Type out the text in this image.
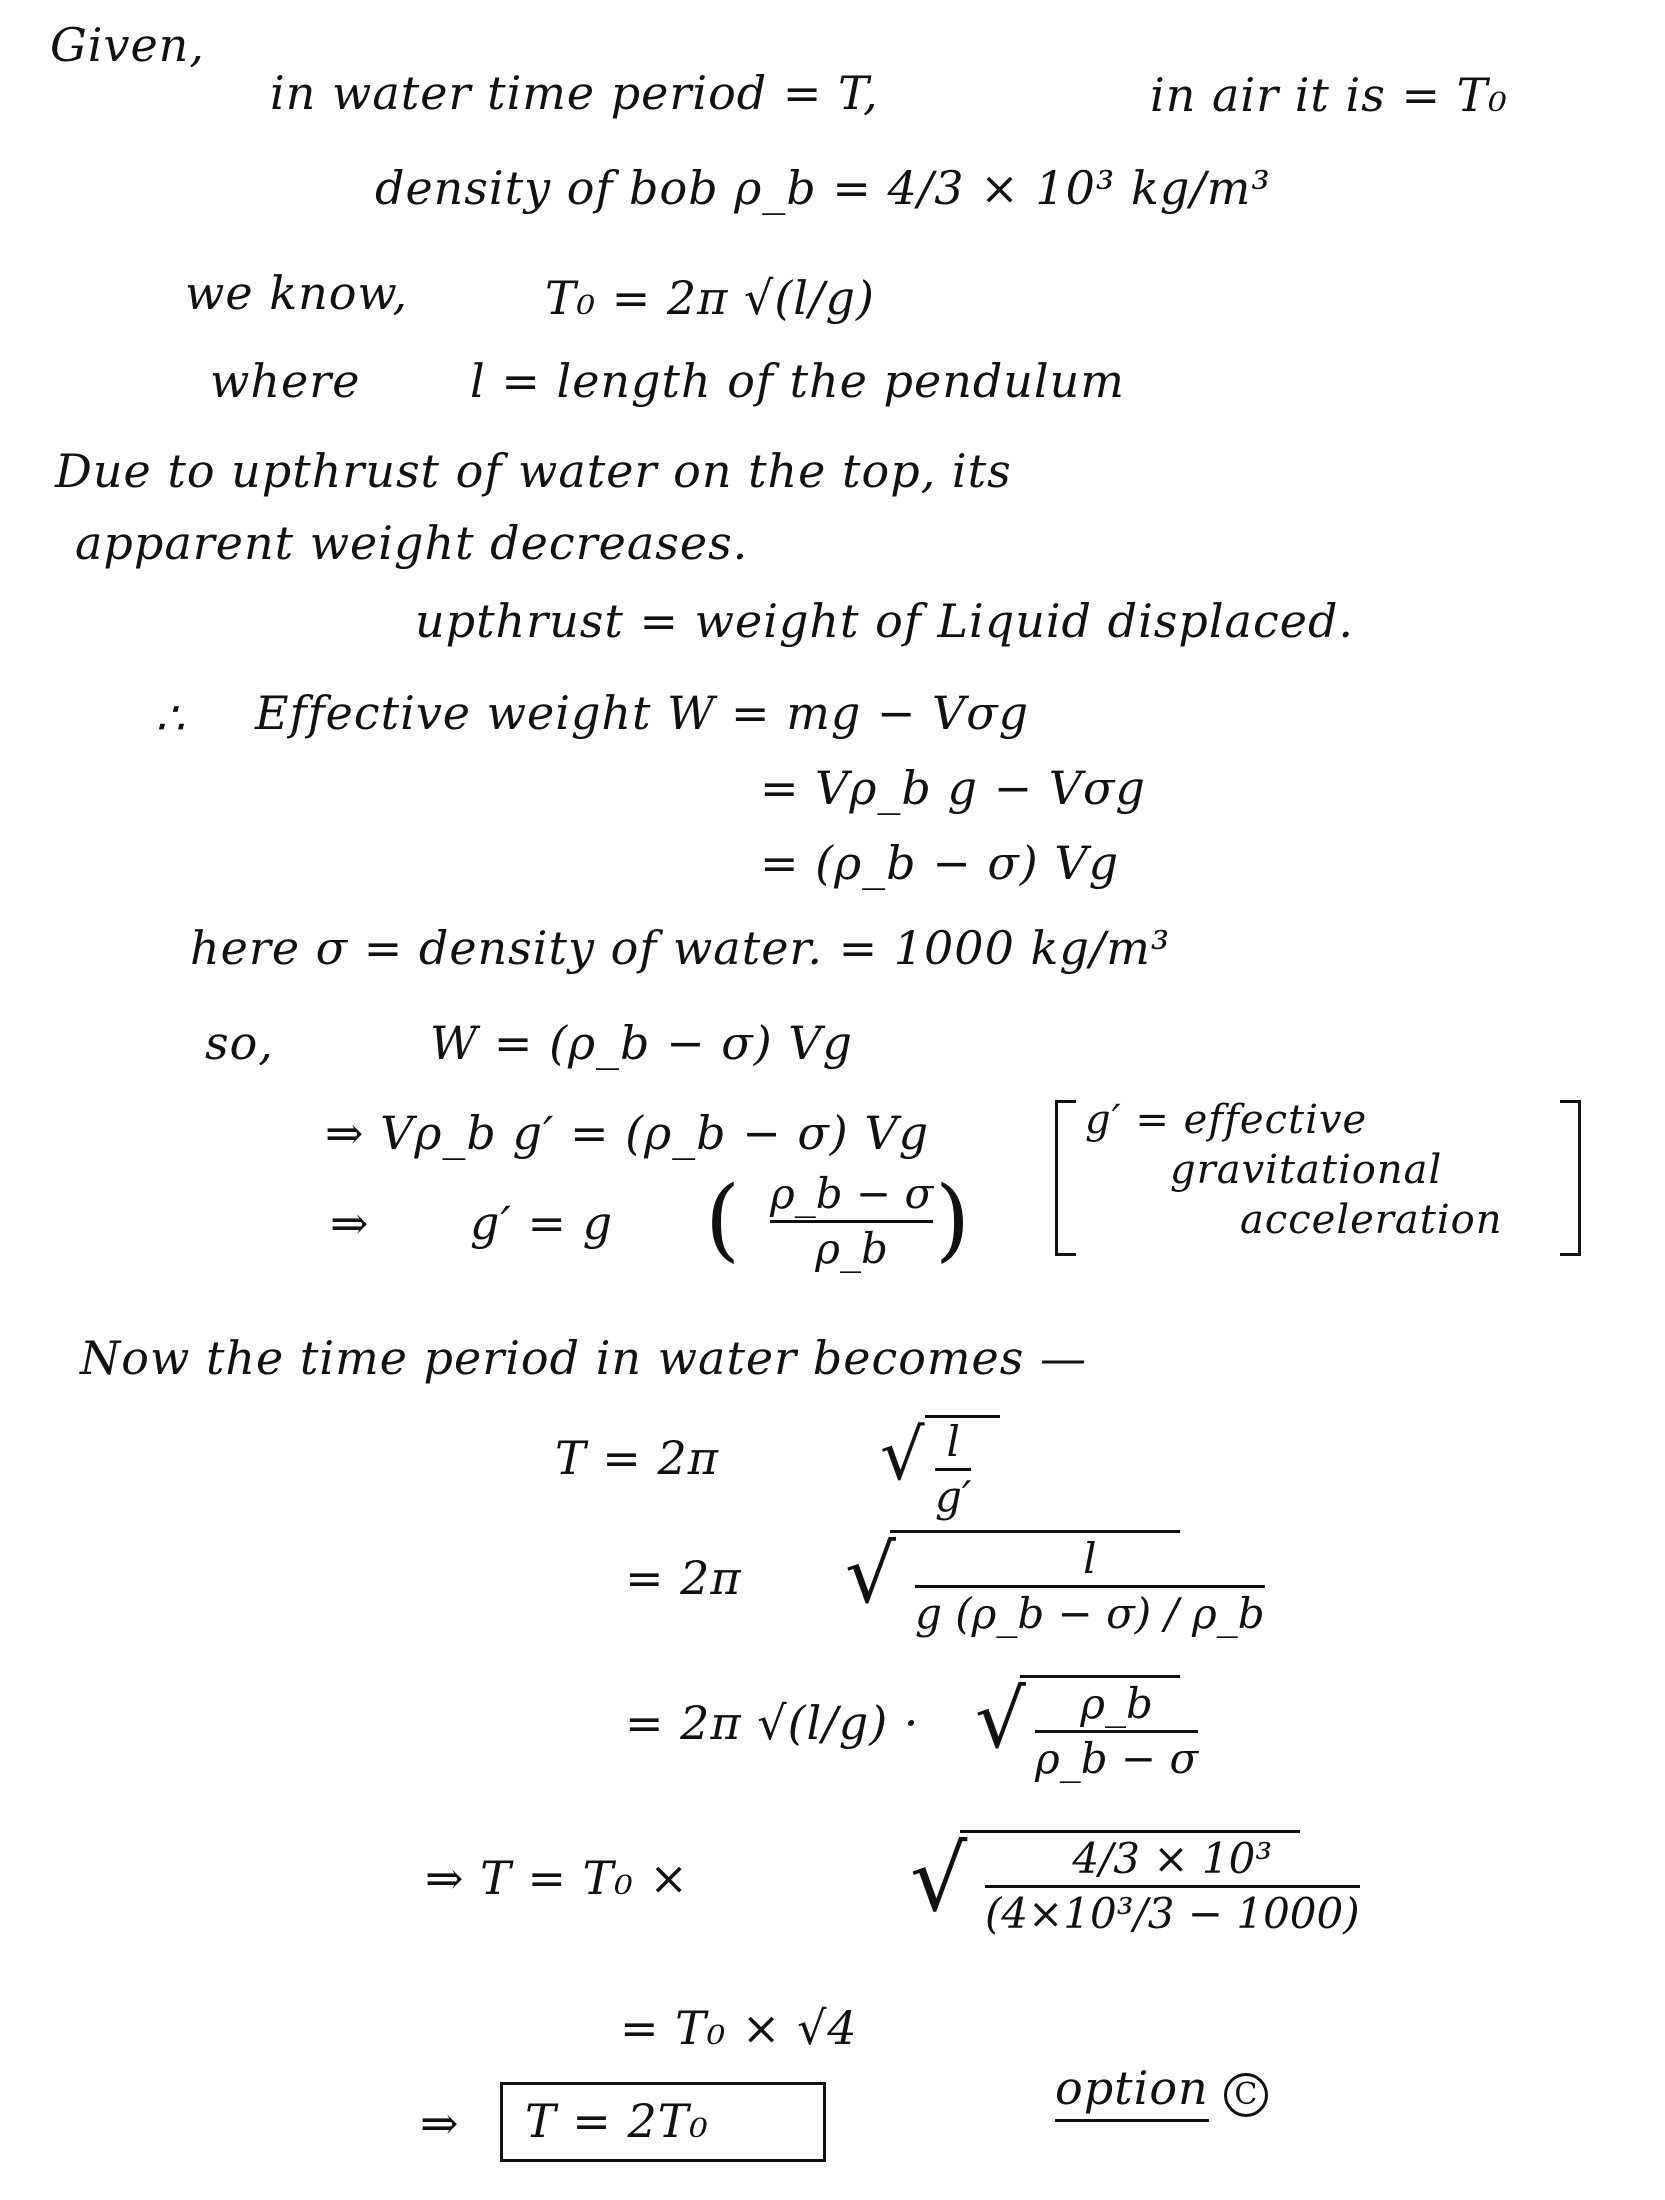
Given,
in water time period = T,	in air it is = T₀
density of bob ρ_b = 4/3 × 10³ kg/m³
we know,	T₀ = 2π √(l/g)
where l = length of the pendulum
Due to upthrust of water on the top, its
apparent weight decreases.
upthrust = weight of Liquid displaced.
∴ Effective weight W = mg − Vσg
= Vρ_b g − Vσg
= (ρ_b − σ) Vg
here σ = density of water. = 1000 kg/m³
so,	W = (ρ_b − σ) Vg
⇒ Vρ_b g′ = (ρ_b − σ) Vg
⇒ g′ = g ( ρ_b − σ
ρ_b )
g′ = effective
gravitational
acceleration
Now the time period in water becomes —
T = 2π √ l
g′
= 2π √	l
g (ρ_b − σ) / ρ_b
= 2π √(l/g) · √ ρ_b
ρ_b − σ
⇒ T = T₀ × √ 4/3 × 10³
(4×10³/3 − 1000)
= T₀ × √4
⇒ T = 2T₀
option C
